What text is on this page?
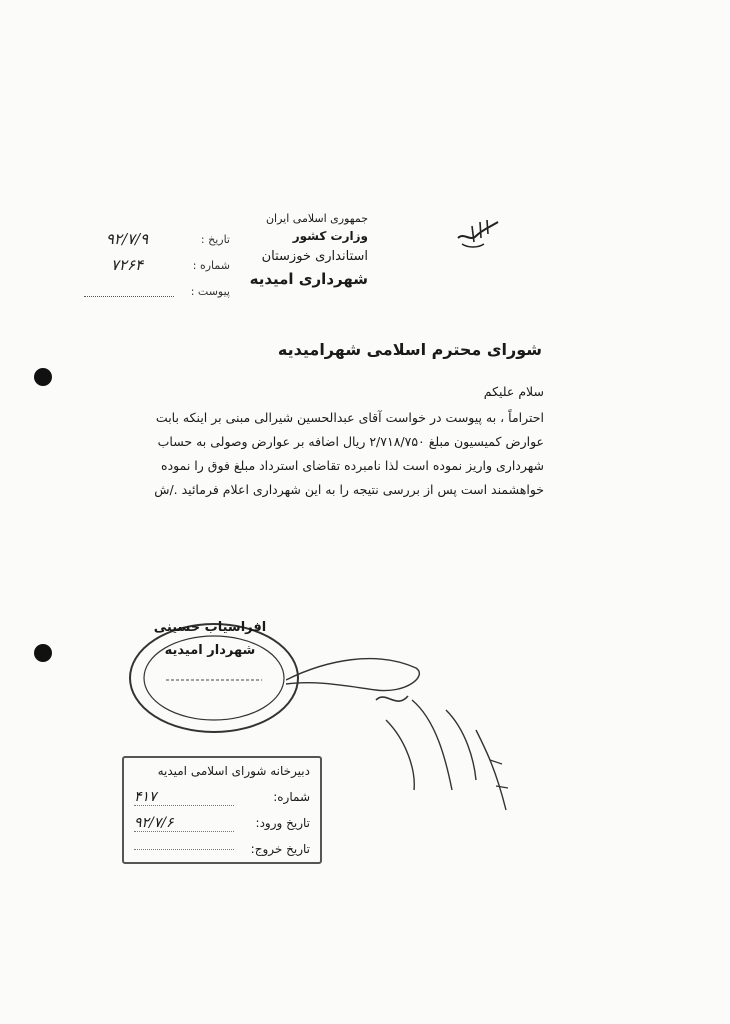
جمهوری اسلامی ایران
وزارت کشور
استانداری خوزستان
شهرداری امیدیه
تاریخ :
۹۲/۷/۹
شماره :
۷۲۶۴
پیوست :
شورای محترم اسلامی شهرامیدیه

سلام علیکم

احتراماً ، به پیوست در خواست آقای عبدالحسین شیرالی مبنی بر اینکه بابت عوارض کمیسیون مبلغ ۲/۷۱۸/۷۵۰ ریال اضافه بر عوارض وصولی به حساب شهرداری واریز نموده است لذا نامبرده تقاضای استرداد مبلغ فوق را نموده خواهشمند است پس از بررسی نتیجه را به این شهرداری اعلام فرمائید ./ش

افراسیاب حسینی
شهردار امیدیه
دبیرخانه شورای اسلامی امیدیه
شماره:
۴۱۷
تاریخ ورود:
۹۲/۷/۶
تاریخ خروج:
